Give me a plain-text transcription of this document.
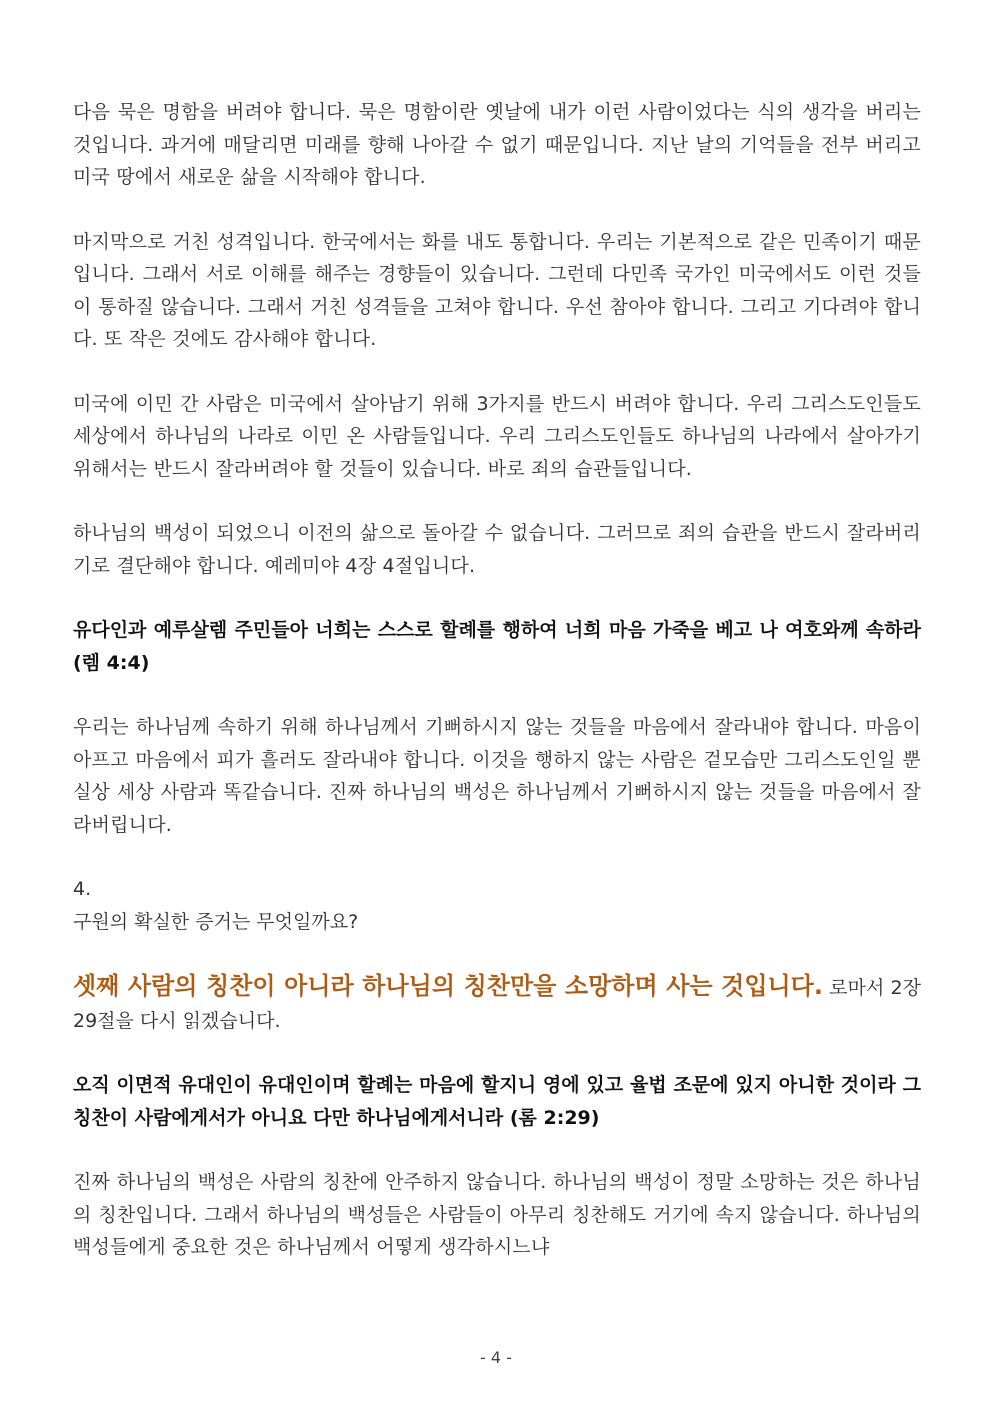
다음 묵은 명함을 버려야 합니다. 묵은 명함이란 옛날에 내가 이런 사람이었다는 식의 생각을 버리는 것입니다. 과거에 매달리면 미래를 향해 나아갈 수 없기 때문입니다. 지난 날의 기억들을 전부 버리고 미국 땅에서 새로운 삶을 시작해야 합니다.

마지막으로 거친 성격입니다. 한국에서는 화를 내도 통합니다. 우리는 기본적으로 같은 민족이기 때문입니다. 그래서 서로 이해를 해주는 경향들이 있습니다. 그런데 다민족 국가인 미국에서도 이런 것들이 통하질 않습니다. 그래서 거친 성격들을 고쳐야 합니다. 우선 참아야 합니다. 그리고 기다려야 합니다. 또 작은 것에도 감사해야 합니다.

미국에 이민 간 사람은 미국에서 살아남기 위해 3가지를 반드시 버려야 합니다. 우리 그리스도인들도 세상에서 하나님의 나라로 이민 온 사람들입니다. 우리 그리스도인들도 하나님의 나라에서 살아가기 위해서는 반드시 잘라버려야 할 것들이 있습니다. 바로 죄의 습관들입니다.

하나님의 백성이 되었으니 이전의 삶으로 돌아갈 수 없습니다. 그러므로 죄의 습관을 반드시 잘라버리기로 결단해야 합니다. 예레미야 4장 4절입니다.

유다인과 예루살렘 주민들아 너희는 스스로 할례를 행하여 너희 마음 가죽을 베고 나 여호와께 속하라 (렘 4:4)

우리는 하나님께 속하기 위해 하나님께서 기뻐하시지 않는 것들을 마음에서 잘라내야 합니다. 마음이 아프고 마음에서 피가 흘러도 잘라내야 합니다. 이것을 행하지 않는 사람은 겉모습만 그리스도인일 뿐 실상 세상 사람과 똑같습니다. 진짜 하나님의 백성은 하나님께서 기뻐하시지 않는 것들을 마음에서 잘라버립니다.

4.
구원의 확실한 증거는 무엇일까요?

셋째 사람의 칭찬이 아니라 하나님의 칭찬만을 소망하며 사는 것입니다. 로마서 2장 29절을 다시 읽겠습니다.

오직 이면적 유대인이 유대인이며 할례는 마음에 할지니 영에 있고 율법 조문에 있지 아니한 것이라 그 칭찬이 사람에게서가 아니요 다만 하나님에게서니라 (롬 2:29)

진짜 하나님의 백성은 사람의 칭찬에 안주하지 않습니다. 하나님의 백성이 정말 소망하는 것은 하나님의 칭찬입니다. 그래서 하나님의 백성들은 사람들이 아무리 칭찬해도 거기에 속지 않습니다. 하나님의 백성들에게 중요한 것은 하나님께서 어떻게 생각하시느냐

- 4 -
